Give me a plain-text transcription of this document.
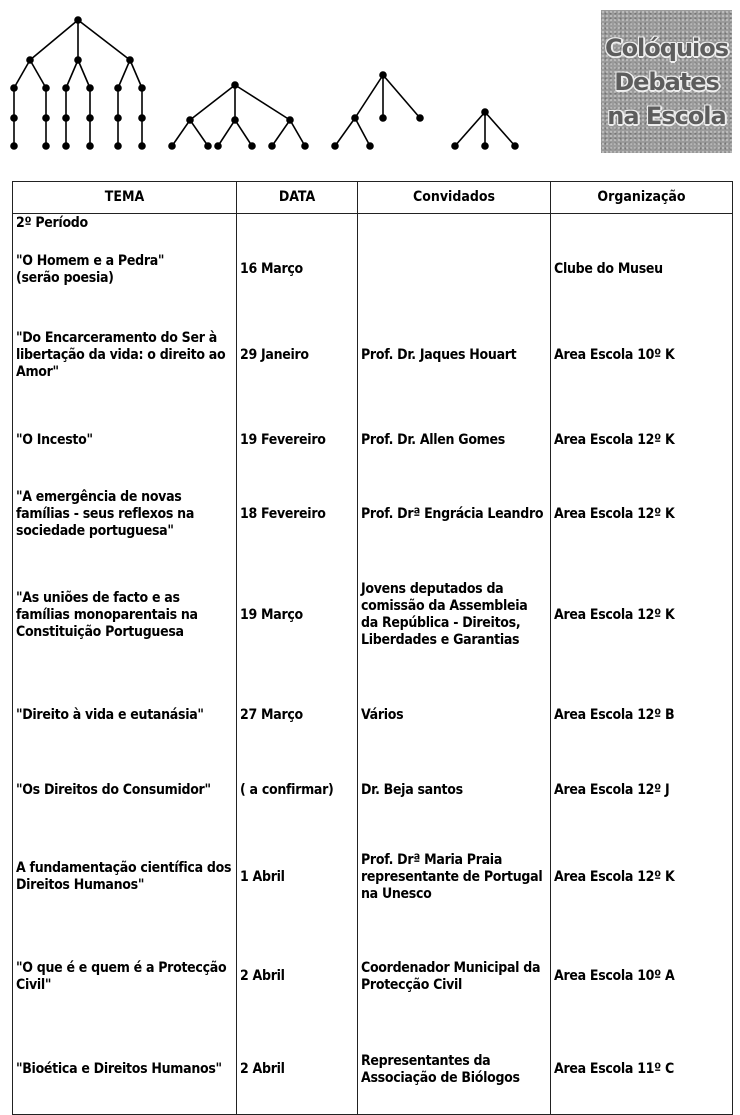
Colóquios
Debates
na Escola
TEMA	DATA	Convidados	Organização
2º Período			
"O Homem e a Pedra"
(serão poesia)	16 Março		Clube do Museu
"Do Encarceramento do Ser à libertação da vida: o direito ao Amor"	29 Janeiro	Prof. Dr. Jaques Houart	Area Escola 10º K
"O Incesto"	19 Fevereiro	Prof. Dr. Allen Gomes	Area Escola 12º K
"A emergência de novas famílias - seus reflexos na sociedade portuguesa"	18 Fevereiro	Prof. Drª Engrácia Leandro	Area Escola 12º K
"As uniões de facto e as famílias monoparentais na Constituição Portuguesa	19 Março	Jovens deputados da comissão da Assembleia da República - Direitos, Liberdades e Garantias	Area Escola 12º K
"Direito à vida e eutanásia"	27 Março	Vários	Area Escola 12º B
"Os Direitos do Consumidor"	( a confirmar)	Dr. Beja santos	Area Escola 12º J
A fundamentação científica dos Direitos Humanos"	1 Abril	Prof. Drª Maria Praia representante de Portugal na Unesco	Area Escola 12º K
"O que é e quem é a Protecção Civil"	2 Abril	Coordenador Municipal da Protecção Civil	Area Escola 10º A
"Bioética e Direitos Humanos"	2 Abril	Representantes da Associação de Biólogos	Area Escola 11º C
